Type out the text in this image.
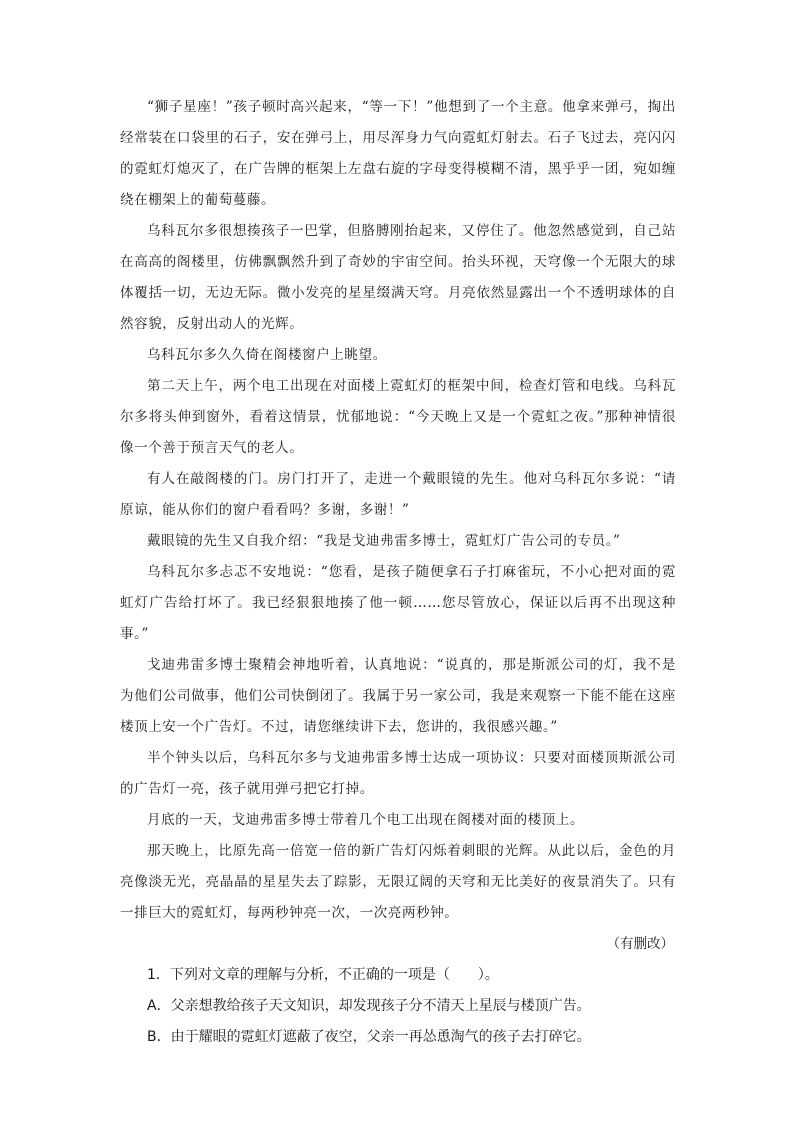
“狮子星座！”孩子顿时高兴起来，“等一下！”他想到了一个主意。他拿来弹弓，掏出经常装在口袋里的石子，安在弹弓上，用尽浑身力气向霓虹灯射去。石子飞过去，亮闪闪的霓虹灯熄灭了，在广告牌的框架上左盘右旋的字母变得模糊不清，黑乎乎一团，宛如缠绕在棚架上的葡萄蔓藤。

乌科瓦尔多很想揍孩子一巴掌，但胳膊刚抬起来，又停住了。他忽然感觉到，自己站在高高的阁楼里，仿佛飘飘然升到了奇妙的宇宙空间。抬头环视，天穹像一个无限大的球体覆括一切，无边无际。微小发亮的星星缀满天穹。月亮依然显露出一个不透明球体的自然容貌，反射出动人的光辉。

乌科瓦尔多久久倚在阁楼窗户上眺望。

第二天上午，两个电工出现在对面楼上霓虹灯的框架中间，检查灯管和电线。乌科瓦尔多将头伸到窗外，看着这情景，忧郁地说：“今天晚上又是一个霓虹之夜。”那种神情很像一个善于预言天气的老人。

有人在敲阁楼的门。房门打开了，走进一个戴眼镜的先生。他对乌科瓦尔多说：“请原谅，能从你们的窗户看看吗？多谢，多谢！”

戴眼镜的先生又自我介绍：“我是戈迪弗雷多博士，霓虹灯广告公司的专员。”

乌科瓦尔多忐忑不安地说：“您看，是孩子随便拿石子打麻雀玩，不小心把对面的霓虹灯广告给打坏了。我已经狠狠地揍了他一顿……您尽管放心，保证以后再不出现这种事。”

戈迪弗雷多博士聚精会神地听着，认真地说：“说真的，那是斯派公司的灯，我不是为他们公司做事，他们公司快倒闭了。我属于另一家公司，我是来观察一下能不能在这座楼顶上安一个广告灯。不过，请您继续讲下去，您讲的，我很感兴趣。”

半个钟头以后，乌科瓦尔多与戈迪弗雷多博士达成一项协议：只要对面楼顶斯派公司的广告灯一亮，孩子就用弹弓把它打掉。

月底的一天，戈迪弗雷多博士带着几个电工出现在阁楼对面的楼顶上。

那天晚上，比原先高一倍宽一倍的新广告灯闪烁着刺眼的光辉。从此以后，金色的月亮像淡无光，亮晶晶的星星失去了踪影，无限辽阔的天穹和无比美好的夜景消失了。只有一排巨大的霓虹灯，每两秒钟亮一次，一次亮两秒钟。

（有删改）

1．下列对文章的理解与分析，不正确的一项是（　　）。

A．父亲想教给孩子天文知识，却发现孩子分不清天上星辰与楼顶广告。

B．由于耀眼的霓虹灯遮蔽了夜空，父亲一再怂恿淘气的孩子去打碎它。
